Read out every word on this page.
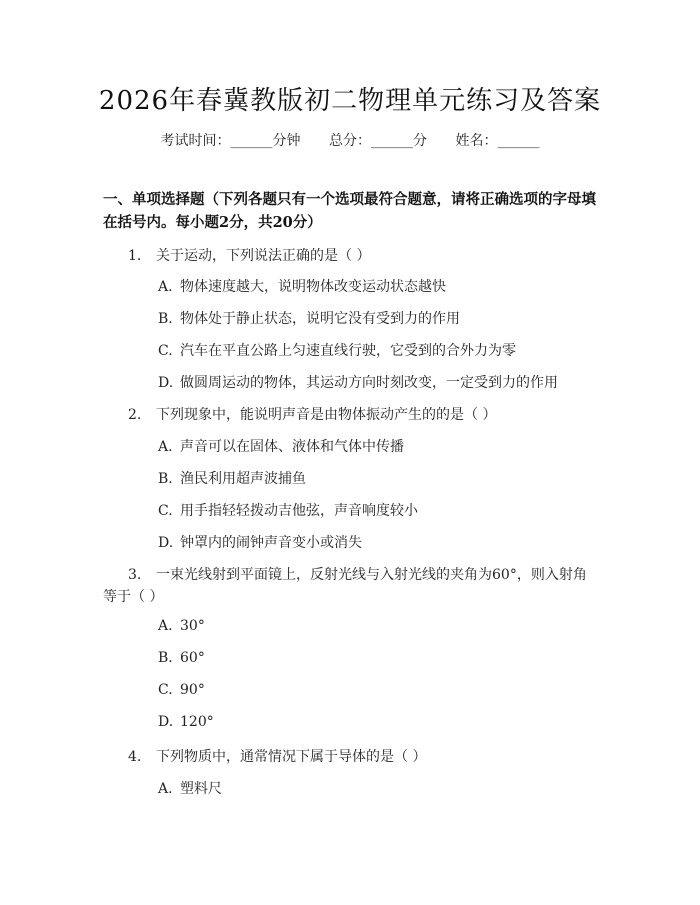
2026年春冀教版初二物理单元练习及答案
考试时间：______分钟 总分：______分 姓名：______
一、单项选择题（下列各题只有一个选项最符合题意，请将正确选项的字母填在括号内。每小题2分，共20分）
1. 关于运动，下列说法正确的是（ ）
A. 物体速度越大，说明物体改变运动状态越快
B. 物体处于静止状态，说明它没有受到力的作用
C. 汽车在平直公路上匀速直线行驶，它受到的合外力为零
D. 做圆周运动的物体，其运动方向时刻改变，一定受到力的作用
2. 下列现象中，能说明声音是由物体振动产生的的是（ ）
A. 声音可以在固体、液体和气体中传播
B. 渔民利用超声波捕鱼
C. 用手指轻轻拨动吉他弦，声音响度较小
D. 钟罩内的闹钟声音变小或消失
3. 一束光线射到平面镜上，反射光线与入射光线的夹角为60°，则入射角
等于（ ）
A. 30°
B. 60°
C. 90°
D. 120°
4. 下列物质中，通常情况下属于导体的是（ ）
A. 塑料尺
